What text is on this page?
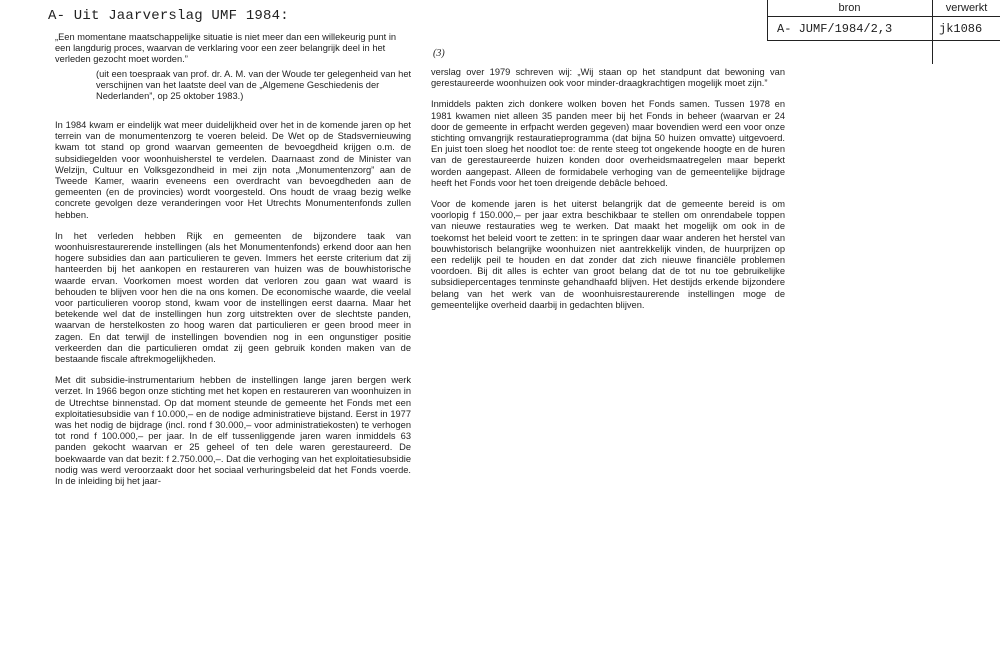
A- Uit Jaarverslag UMF 1984:
„Een momentane maatschappelijke situatie is niet meer dan een willekeurig punt in een langdurig proces, waarvan de verklaring voor een zeer belangrijk deel in het verleden gezocht moet worden.”
(uit een toespraak van prof. dr. A. M. van der Woude ter gelegenheid van het verschijnen van het laatste deel van de „Algemene Geschiedenis der Nederlanden”, op 25 oktober 1983.)
bron	verwerkt
A- JUMF/1984/2,3	jk1086

In 1984 kwam er eindelijk wat meer duidelijkheid over het in de komende jaren op het terrein van de monumentenzorg te voeren beleid. De Wet op de Stadsvernieuwing kwam tot stand op grond waarvan gemeenten de bevoegdheid krijgen o.m. de subsidiegelden voor woonhuisherstel te verdelen. Daarnaast zond de Minister van Welzijn, Cultuur en Volksgezondheid in mei zijn nota „Monumentenzorg” aan de Tweede Kamer, waarin eveneens een overdracht van bevoegdheden aan de gemeenten (en de provincies) wordt voorgesteld. Ons houdt de vraag bezig welke concrete gevolgen deze veranderingen voor Het Utrechts Monumentenfonds zullen hebben.

In het verleden hebben Rijk en gemeenten de bijzondere taak van woonhuisrestaurerende instellingen (als het Monumentenfonds) erkend door aan hen hogere subsidies dan aan particulieren te geven. Immers het eerste criterium dat zij hanteerden bij het aankopen en restaureren van huizen was de bouwhistorische waarde ervan. Voorkomen moest worden dat verloren zou gaan wat waard is behouden te blijven voor hen die na ons komen. De economische waarde, die veelal voor particulieren voorop stond, kwam voor de instellingen eerst daarna. Maar het betekende wel dat de instellingen hun zorg uitstrekten over de slechtste panden, waarvan de herstelkosten zo hoog waren dat particulieren er geen brood meer in zagen. En dat terwijl de instellingen bovendien nog in een ongunstiger positie verkeerden dan die particulieren omdat zij geen gebruik konden maken van de bestaande fiscale aftrekmogelijkheden.

Met dit subsidie-instrumentarium hebben de instellingen lange jaren bergen werk verzet. In 1966 begon onze stichting met het kopen en restaureren van woonhuizen in de Utrechtse binnenstad. Op dat moment steunde de gemeente het Fonds met een exploitatiesubsidie van f 10.000,– en de nodige administratieve bijstand. Eerst in 1977 was het nodig de bijdrage (incl. rond f 30.000,– voor administratiekosten) te verhogen tot rond f 100.000,– per jaar. In de elf tussenliggende jaren waren inmiddels 63 panden gekocht waarvan er 25 geheel of ten dele waren gerestaureerd. De boekwaarde van dat bezit: f 2.750.000,–. Dat die verhoging van het exploitatiesubsidie nodig was werd veroorzaakt door het sociaal verhuringsbeleid dat het Fonds voerde. In de inleiding bij het jaar-

(3)

verslag over 1979 schreven wij: „Wij staan op het standpunt dat bewoning van gerestaureerde woonhuizen ook voor minder-draagkrachtigen mogelijk moet zijn.”

Inmiddels pakten zich donkere wolken boven het Fonds samen. Tussen 1978 en 1981 kwamen niet alleen 35 panden meer bij het Fonds in beheer (waarvan er 24 door de gemeente in erfpacht werden gegeven) maar bovendien werd een voor onze stichting omvangrijk restauratieprogramma (dat bijna 50 huizen omvatte) uitgevoerd. En juist toen sloeg het noodlot toe: de rente steeg tot ongekende hoogte en de huren van de gerestaureerde huizen konden door overheidsmaatregelen maar beperkt worden aangepast. Alleen de formidabele verhoging van de gemeentelijke bijdrage heeft het Fonds voor het toen dreigende debâcle behoed.

Voor de komende jaren is het uiterst belangrijk dat de gemeente bereid is om voorlopig f 150.000,– per jaar extra beschikbaar te stellen om onrendabele toppen van nieuwe restauraties weg te werken. Dat maakt het mogelijk om ook in de toekomst het beleid voort te zetten: in te springen daar waar anderen het herstel van bouwhistorisch belangrijke woonhuizen niet aantrekkelijk vinden, de huurprijzen op een redelijk peil te houden en dat zonder dat zich nieuwe financiële problemen voordoen. Bij dit alles is echter van groot belang dat de tot nu toe gebruikelijke subsidiepercentages tenminste gehandhaafd blijven. Het destijds erkende bijzondere belang van het werk van de woonhuisrestaurerende instellingen moge de gemeentelijke overheid daarbij in gedachten blijven.
